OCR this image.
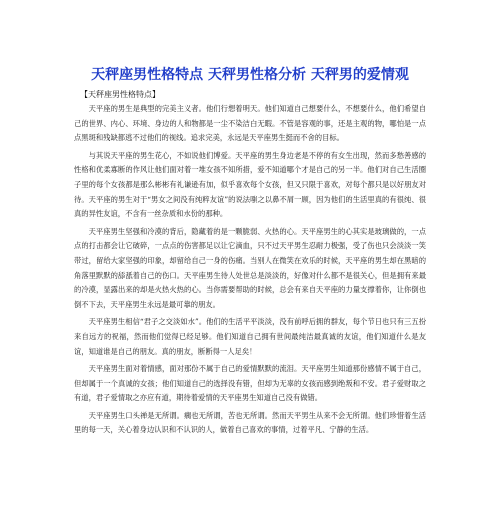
天秤座男性格特点 天秤男性格分析 天秤男的爱情观
【天秤座男性格特点】

天平座的男生是典型的完美主义者。他们行想着明天。他们知道自己想要什么，不想要什么，他们希望自己的世界、内心、环境、身边的人和物都是一尘不染洁白无暇。不管是容观的事，还是主观的物，哪怕是一点点黑斑和残缺都逃不过他们的视线。追求完美，永远是天平座男生挺而不舍的目标。

与其说天平座的男生花心，不如说他们博爱。天平座的男生身边老是不停的有女生出现，然而多愁善感的性格和优柔寡断的作风让他们面对着一堆女孩不知所措，爱不知道哪个才是自己的另一半。他们对自己生活圈子里的每个女孩都是那么彬彬有礼谦逊有加，似乎喜欢每个女孩，但又只限于喜欢，对每个都只是以好朋友对待。天平座的男生对于“男女之间没有纯粹友谊”的说法嗤之以鼻不屑一顾，因为他们的生活里真的有很纯、很真的异性友谊，不含有一丝杂质和水份的那种。

天平座男生坚强和冷漠的背后，隐藏着的是一颗脆弱、火热的心。天平座男生的心其实是玻璃做的，一点点的打击都会让它破碎，一点点的伤害都足以让它滴血，只不过天平男生忍耐力极强，受了伤也只会淡淡一笑带过，留给大家坚强的印象，却留给自己一身的伤痛。当别人在微笑在欢乐的时候，天平座的男生却在黑暗的角落里默默的舔舐着自己的伤口。天平座男生待人处世总是淡淡的，好像对什么都不是很关心，但是拥有来最的冷漠，显露出来的却是火热火热的心。当你需要帮助的时候，总会有来自天平座的力量支撑着你，让你倒也倒不下去，天平座男生永远是最可靠的朋友。

天平座男生相信“君子之交淡如水”。他们的生活平平淡淡，没有前呼后拥的群友，每个节日也只有三五扮来自远方的祝福，然而他们觉得已经足够。他们知道自己拥有世间最纯洁最真诚的友谊，他们知道什么是友谊，知道谁是自己的朋友。真的朋友，断断得一人足矣！

天平座男生面对着情感，面对那份不属于自己的爱情默默的流泪。天平座男生知道那份感情不属于自己，但却属于一个真诚的女孩；他们知道自己的选择没有错，但却为无辜的女孩而感到绝叛和不安。君子爱财取之有道，君子爱情取之亦应有道，期待着爱情的天平座男生知道自己没有做错。

天平座男生口头禅是无所谓。瘸也无所谓，苦也无所谓。然而天平男生从来不会无所谓。他们珍惜着生活里的每一天，关心着身边认识和不认识的人，做着自己喜欢的事情，过着平凡、宁静的生活。
